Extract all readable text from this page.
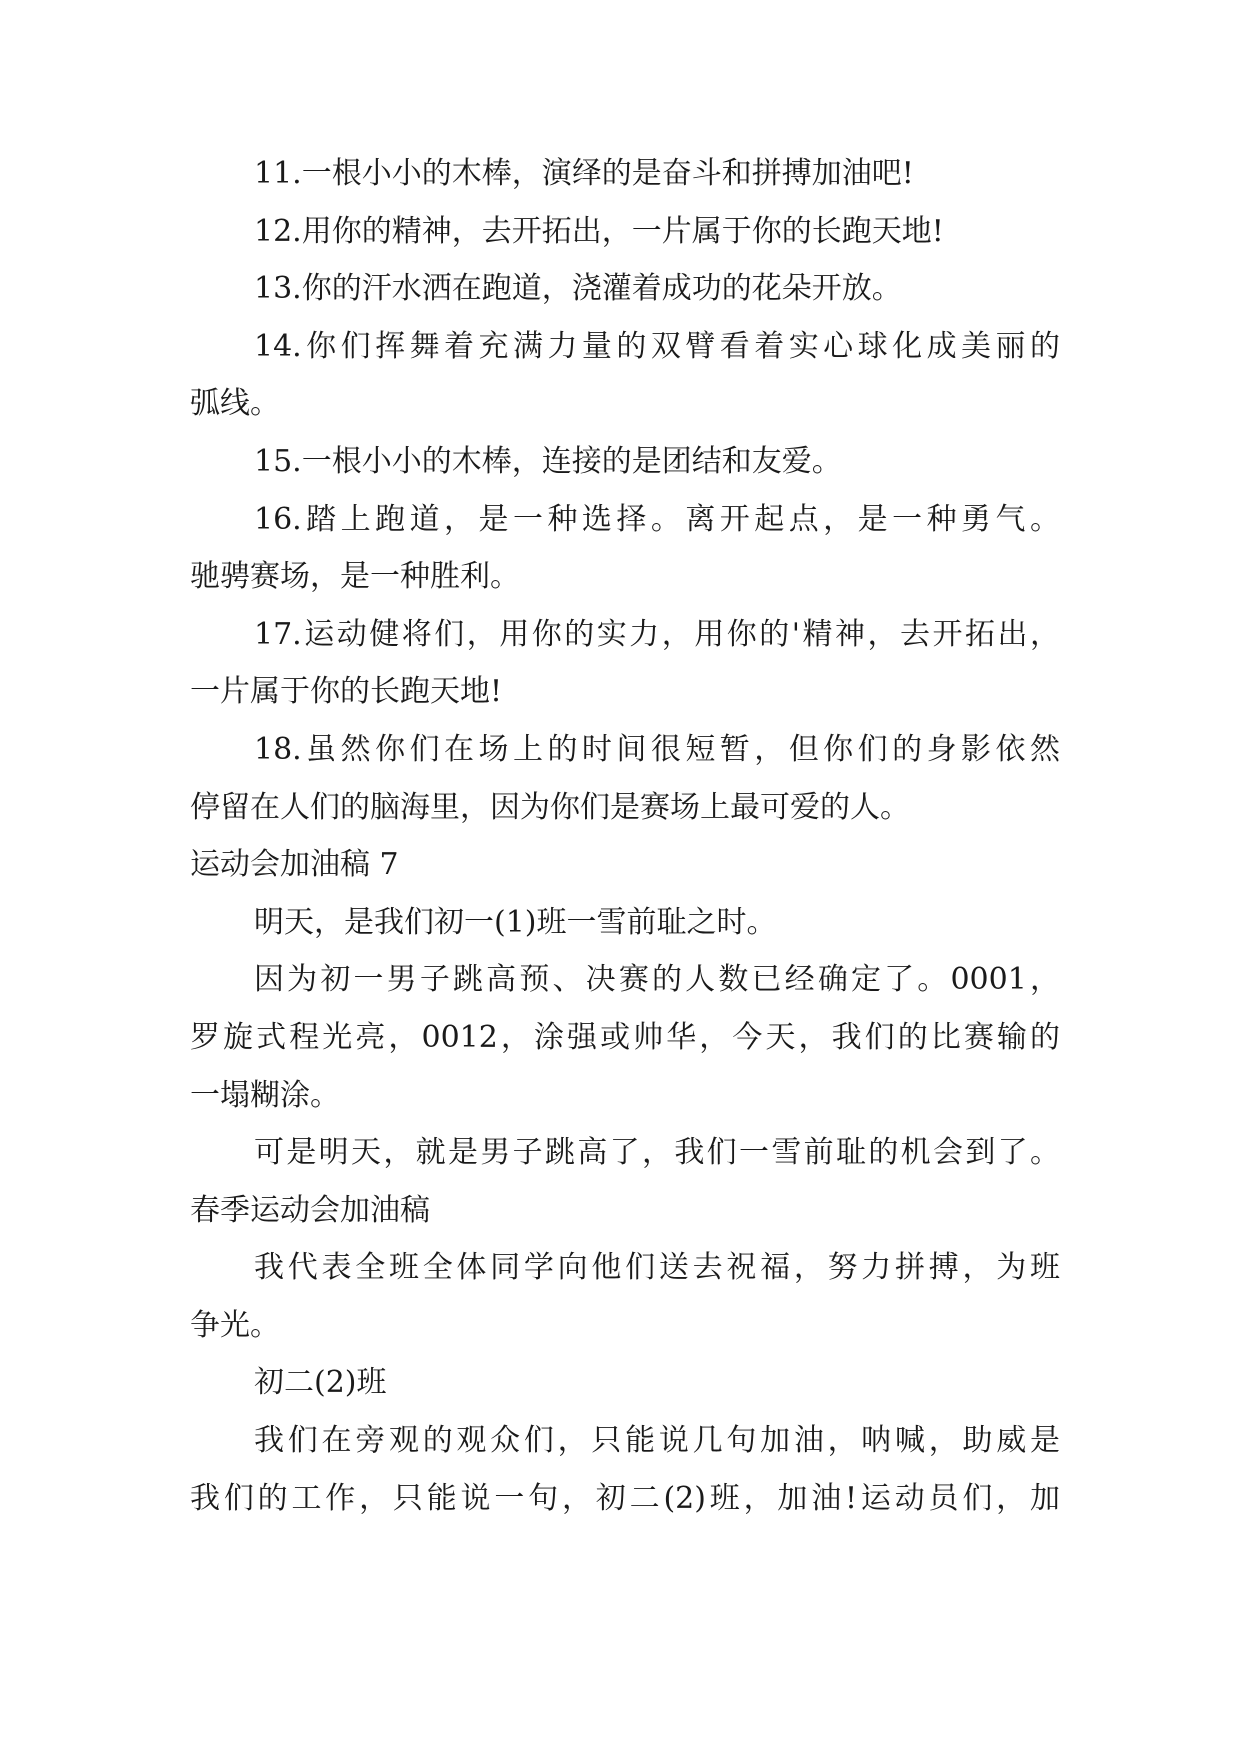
11.一根小小的木棒，演绎的是奋斗和拼搏加油吧!
12.用你的精神，去开拓出，一片属于你的长跑天地!
13.你的汗水洒在跑道，浇灌着成功的花朵开放。
14.你们挥舞着充满力量的双臂看着实心球化成美丽的
弧线。
15.一根小小的木棒，连接的是团结和友爱。
16.踏上跑道，是一种选择。离开起点，是一种勇气。
驰骋赛场，是一种胜利。
17.运动健将们，用你的实力，用你的'精神，去开拓出，
一片属于你的长跑天地!
18.虽然你们在场上的时间很短暂，但你们的身影依然
停留在人们的脑海里，因为你们是赛场上最可爱的人。
运动会加油稿 7
明天，是我们初一(1)班一雪前耻之时。
因为初一男子跳高预、决赛的人数已经确定了。0001，
罗旋式程光亮，0012，涂强或帅华，今天，我们的比赛输的
一塌糊涂。
可是明天，就是男子跳高了，我们一雪前耻的机会到了。
春季运动会加油稿
我代表全班全体同学向他们送去祝福，努力拼搏，为班
争光。
初二(2)班
我们在旁观的观众们，只能说几句加油，呐喊，助威是
我们的工作，只能说一句，初二(2)班，加油!运动员们，加
